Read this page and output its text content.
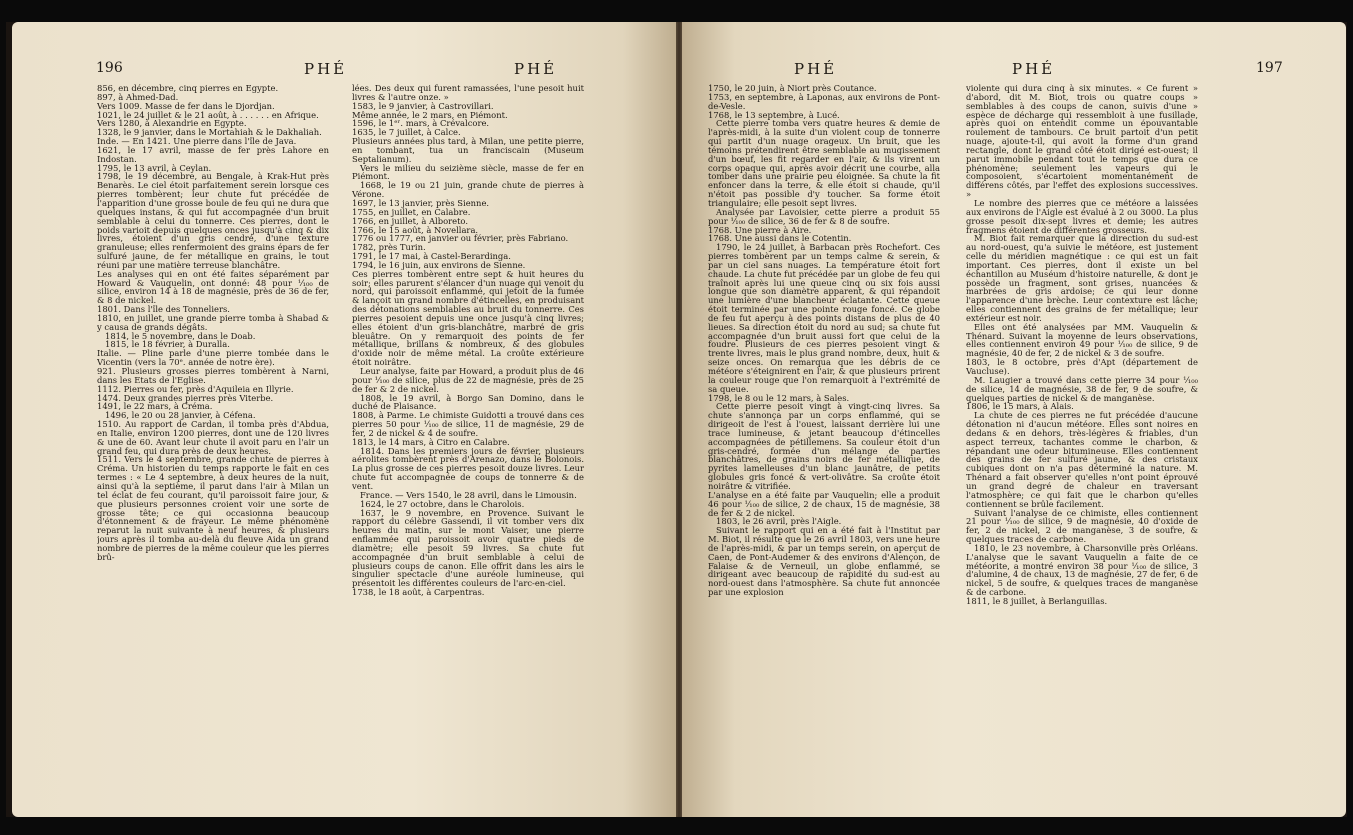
196	PHÉ	PHÉ

856, en décembre, cinq pierres en Egypte.

897, à Ahmed-Dad.

Vers 1009. Masse de fer dans le Djordjan.

1021, le 24 juillet & le 21 août, à . . . . . . en Afrique.

Vers 1280, à Alexandrie en Egypte.

1328, le 9 janvier, dans le Mortahiah & le Dakhaliah.

Inde. — En 1421. Une pierre dans l'île de Java.

1621, le 17 avril, masse de fer près Lahore en Indostan.

1795, le 13 avril, à Ceylan.

1798, le 19 décembre, au Bengale, à Krak-Hut près Benarès. Le ciel étoit parfaitement serein lorsque ces pierres tombèrent; leur chute fut précédée de l'apparition d'une grosse boule de feu qui ne dura que quelques instans, & qui fut accompagnée d'un bruit semblable à celui du tonnerre. Ces pierres, dont le poids varioit depuis quelques onces jusqu'à cinq & dix livres, étoient d'un gris cendré, d'une texture granuleuse; elles renfermoient des grains épars de fer sulfuré jaune, de fer métallique en grains, le tout réuni par une matière terreuse blanchâtre.

Les analyses qui en ont été faites séparément par Howard & Vauquelin, ont donné: 48 pour ⅟₁₀₀ de silice, environ 14 à 18 de magnésie, près de 36 de fer, & 8 de nickel.

1801. Dans l'île des Tonneliers.

1810, en juillet, une grande pierre tomba à Shabad & y causa de grands dégâts.

1814, le 5 novembre, dans le Doab.

1815, le 18 février, à Duralla.

Italie. — Pline parle d'une pierre tombée dans le Vicentin (vers la 70ᵉ. année de notre ère).

921. Plusieurs grosses pierres tombèrent à Narni, dans les Etats de l'Eglise.

1112. Pierres ou fer, près d'Aquileia en Illyrie.

1474. Deux grandes pierres près Viterbe.

1491, le 22 mars, à Créma.

1496, le 20 ou 28 janvier, à Céfena.

1510. Au rapport de Cardan, il tomba près d'Abdua, en Italie, environ 1200 pierres, dont une de 120 livres & une de 60. Avant leur chute il avoit paru en l'air un grand feu, qui dura près de deux heures.

1511. Vers le 4 septembre, grande chute de pierres à Créma. Un historien du temps rapporte le fait en ces termes : « Le 4 septembre, à deux heures de la nuit, ainsi qu'à la septième, il parut dans l'air à Milan un tel éclat de feu courant, qu'il paroissoit faire jour, & que plusieurs personnes croient voir une sorte de grosse tête; ce qui occasionna beaucoup d'étonnement & de frayeur. Le même phénomène reparut la nuit suivante à neuf heures, & plusieurs jours après il tomba au-delà du fleuve Aida un grand nombre de pierres de la même couleur que les pierres brû-

lées. Des deux qui furent ramassées, l'une pesoit huit livres & l'autre onze. »

1583, le 9 janvier, à Castrovillari.

Même année, le 2 mars, en Piémont.

1596, le 1ᵉʳ. mars, à Crévalcore.

1635, le 7 juillet, à Calce.

Plusieurs années plus tard, à Milan, une petite pierre, en tombant, tua un franciscain (Museum Septalianum).

Vers le milieu du seizième siècle, masse de fer en Piémont.

1668, le 19 ou 21 juin, grande chute de pierres à Vérone.

1697, le 13 janvier, près Sienne.

1755, en juillet, en Calabre.

1766, en juillet, à Alboreto.

1766, le 15 août, à Novellara.

1776 ou 1777, en janvier ou février, près Fabriano.

1782, près Turin.

1791, le 17 mai, à Castel-Berardinga.

1794, le 16 juin, aux environs de Sienne.

Ces pierres tombèrent entre sept & huit heures du soir; elles parurent s'élancer d'un nuage qui venoit du nord, qui paroissoit enflammé, qui jetoit de la fumée & lançoit un grand nombre d'étincelles, en produisant des détonations semblables au bruit du tonnerre. Ces pierres pesoient depuis une once jusqu'à cinq livres; elles étoient d'un gris-blanchâtre, marbré de gris bleuâtre. On y remarquoit des points de fer métallique, brillans & nombreux, & des globules d'oxide noir de même métal. La croûte extérieure étoit noirâtre.

Leur analyse, faite par Howard, a produit plus de 46 pour ⅟₁₀₀ de silice, plus de 22 de magnésie, près de 25 de fer & 2 de nickel.

1808, le 19 avril, à Borgo San Domino, dans le duché de Plaisance.

1808, à Parme. Le chimiste Guidotti a trouvé dans ces pierres 50 pour ⅟₁₀₀ de silice, 11 de magnésie, 29 de fer, 2 de nickel & 4 de soufre.

1813, le 14 mars, à Citro en Calabre.

1814. Dans les premiers jours de février, plusieurs aérolites tombèrent près d'Arenazo, dans le Bolonois. La plus grosse de ces pierres pesoit douze livres. Leur chute fut accompagnée de coups de tonnerre & de vent.

France. — Vers 1540, le 28 avril, dans le Limousin.

1624, le 27 octobre, dans le Charolois.

1637, le 9 novembre, en Provence. Suivant le rapport du célèbre Gassendi, il vit tomber vers dix heures du matin, sur le mont Vaiser, une pierre enflammée qui paroissoit avoir quatre pieds de diamètre; elle pesoit 59 livres. Sa chute fut accompagnée d'un bruit semblable à celui de plusieurs coups de canon. Elle offrit dans les airs le singulier spectacle d'une auréole lumineuse, qui présentoit les différentes couleurs de l'arc-en-ciel.

1738, le 18 août, à Carpentras.

PHÉ	PHÉ	197

1750, le 20 juin, à Niort près Coutance.

1753, en septembre, à Laponas, aux environs de Pont-de-Vesle.

1768, le 13 septembre, à Lucé.

Cette pierre tomba vers quatre heures & demie de l'après-midi, à la suite d'un violent coup de tonnerre qui partit d'un nuage orageux. Un bruit, que les témoins prétendirent être semblable au mugissement d'un bœuf, les fit regarder en l'air, & ils virent un corps opaque qui, après avoir décrit une courbe, alla tomber dans une prairie peu éloignée. Sa chute la fit enfoncer dans la terre, & elle étoit si chaude, qu'il n'étoit pas possible d'y toucher. Sa forme étoit triangulaire; elle pesoit sept livres.

Analysée par Lavoisier, cette pierre a produit 55 pour ⅟₁₀₀ de silice, 36 de fer & 8 de soufre.

1768. Une pierre à Aire.

1768. Une aussi dans le Cotentin.

1790, le 24 juillet, à Barbacan près Rochefort. Ces pierres tombèrent par un temps calme & serein, & par un ciel sans nuages. La température étoit fort chaude. La chute fut précédée par un globe de feu qui traînoit après lui une queue cinq ou six fois aussi longue que son diamètre apparent, & qui répandoit une lumière d'une blancheur éclatante. Cette queue étoit terminée par une pointe rouge foncé. Ce globe de feu fut aperçu à des points distans de plus de 40 lieues. Sa direction étoit du nord au sud; sa chute fut accompagnée d'un bruit aussi fort que celui de la foudre. Plusieurs de ces pierres pesoient vingt & trente livres, mais le plus grand nombre, deux, huit & seize onces. On remarqua que les débris de ce météore s'éteignirent en l'air, & que plusieurs prirent la couleur rouge que l'on remarquoit à l'extrémité de sa queue.

1798, le 8 ou le 12 mars, à Sales.

Cette pierre pesoit vingt à vingt-cinq livres. Sa chute s'annonça par un corps enflammé, qui se dirigeoit de l'est à l'ouest, laissant derrière lui une trace lumineuse, & jetant beaucoup d'étincelles accompagnées de pétillemens. Sa couleur étoit d'un gris-cendré, formée d'un mélange de parties blanchâtres, de grains noirs de fer métallique, de pyrites lamelleuses d'un blanc jaunâtre, de petits globules gris foncé & vert-olivâtre. Sa croûte étoit noirâtre & vitrifiée.

L'analyse en a été faite par Vauquelin; elle a produit 46 pour ⅟₁₀₀ de silice, 2 de chaux, 15 de magnésie, 38 de fer & 2 de nickel.

1803, le 26 avril, près l'Aigle.

Suivant le rapport qui en a été fait à l'Institut par M. Biot, il résulte que le 26 avril 1803, vers une heure de l'après-midi, & par un temps serein, on aperçut de Caen, de Pont-Audemer & des environs d'Alençon, de Falaise & de Verneuil, un globe enflammé, se dirigeant avec beaucoup de rapidité du sud-est au nord-ouest dans l'atmosphère. Sa chute fut annoncée par une explosion

violente qui dura cinq à six minutes. « Ce furent » d'abord, dit M. Biot, trois ou quatre coups » semblables à des coups de canon, suivis d'une » espèce de décharge qui ressembloit à une fusillade, après quoi on entendit comme un épouvantable roulement de tambours. Ce bruit partoit d'un petit nuage, ajoute-t-il, qui avoit la forme d'un grand rectangle, dont le grand côté étoit dirigé est-ouest; il parut immobile pendant tout le temps que dura ce phénomène; seulement les vapeurs qui le composoient, s'écartoient momentanément de différens côtés, par l'effet des explosions successives. »

Le nombre des pierres que ce météore a laissées aux environs de l'Aigle est évalué à 2 ou 3000. La plus grosse pesoit dix-sept livres et demie; les autres fragmens étoient de différentes grosseurs.

M. Biot fait remarquer que la direction du sud-est au nord-ouest, qu'a suivie le météore, est justement celle du méridien magnétique : ce qui est un fait important. Ces pierres, dont il existe un bel échantillon au Muséum d'histoire naturelle, & dont je possède un fragment, sont grises, nuancées & marbrées de gris ardoise; ce qui leur donne l'apparence d'une brèche. Leur contexture est lâche; elles contiennent des grains de fer métallique; leur extérieur est noir.

Elles ont été analysées par MM. Vauquelin & Thénard. Suivant la moyenne de leurs observations, elles contiennent environ 49 pour ⅟₁₀₀ de silice, 9 de magnésie, 40 de fer, 2 de nickel & 3 de soufre.

1803, le 8 octobre, près d'Apt (département de Vaucluse).

M. Laugier a trouvé dans cette pierre 34 pour ⅟₁₀₀ de silice, 14 de magnésie, 38 de fer, 9 de soufre, & quelques parties de nickel & de manganèse.

1806, le 15 mars, à Alais.

La chute de ces pierres ne fut précédée d'aucune détonation ni d'aucun météore. Elles sont noires en dedans & en dehors, très-légères & friables, d'un aspect terreux, tachantes comme le charbon, & répandant une odeur bitumineuse. Elles contiennent des grains de fer sulfuré jaune, & des cristaux cubiques dont on n'a pas déterminé la nature. M. Thénard a fait observer qu'elles n'ont point éprouvé un grand degré de chaleur en traversant l'atmosphère; ce qui fait que le charbon qu'elles contiennent se brûle facilement.

Suivant l'analyse de ce chimiste, elles contiennent 21 pour ⅟₁₀₀ de silice, 9 de magnésie, 40 d'oxide de fer, 2 de nickel, 2 de manganèse, 3 de soufre, & quelques traces de carbone.

1810, le 23 novembre, à Charsonville près Orléans. L'analyse que le savant Vauquelin a faite de ce météorite, a montré environ 38 pour ⅟₁₀₀ de silice, 3 d'alumine, 4 de chaux, 13 de magnésie, 27 de fer, 6 de nickel, 5 de soufre, & quelques traces de manganèse & de carbone.

1811, le 8 juillet, à Berlanguillas.
